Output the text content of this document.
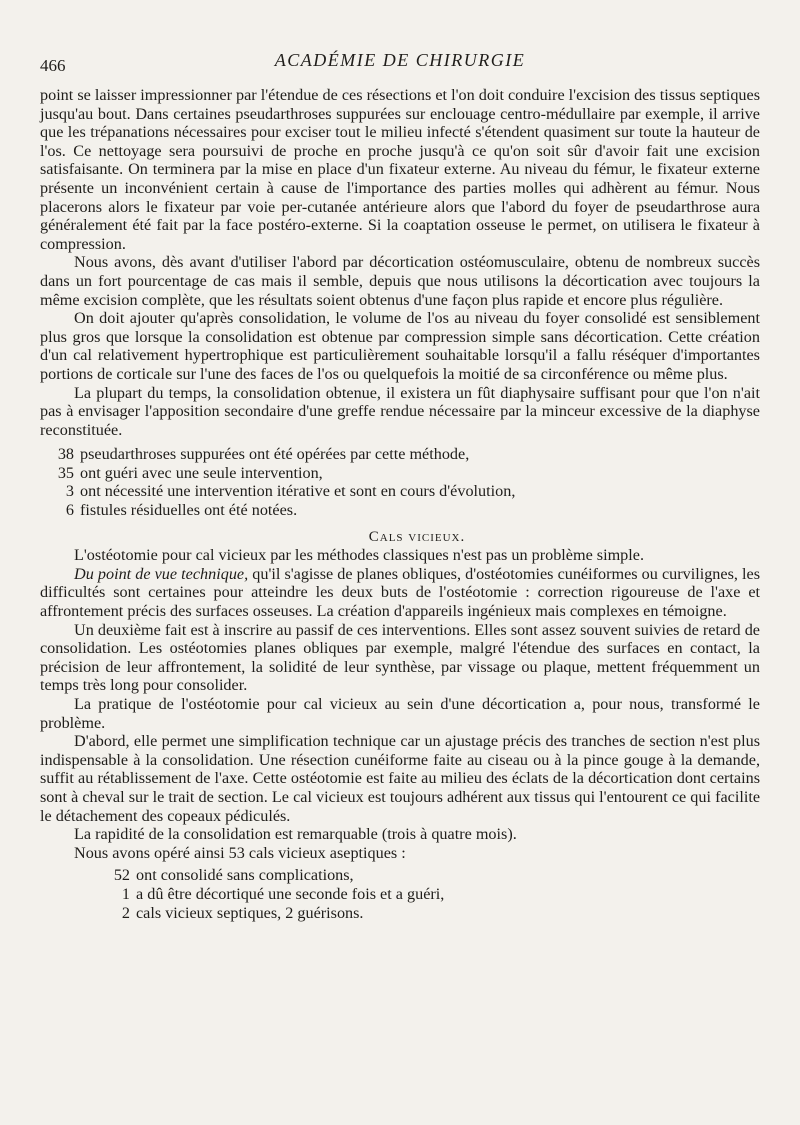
466	ACADÉMIE DE CHIRURGIE

point se laisser impressionner par l'étendue de ces résections et l'on doit conduire l'excision des tissus septiques jusqu'au bout. Dans certaines pseudarthroses suppurées sur enclouage centro-médullaire par exemple, il arrive que les trépanations nécessaires pour exciser tout le milieu infecté s'étendent quasiment sur toute la hauteur de l'os. Ce nettoyage sera poursuivi de proche en proche jusqu'à ce qu'on soit sûr d'avoir fait une excision satisfaisante. On terminera par la mise en place d'un fixateur externe. Au niveau du fémur, le fixateur externe présente un inconvénient certain à cause de l'importance des parties molles qui adhèrent au fémur. Nous placerons alors le fixateur par voie per-cutanée antérieure alors que l'abord du foyer de pseudarthrose aura généralement été fait par la face postéro-externe. Si la coaptation osseuse le permet, on utilisera le fixateur à compression.

Nous avons, dès avant d'utiliser l'abord par décortication ostéomusculaire, obtenu de nombreux succès dans un fort pourcentage de cas mais il semble, depuis que nous utilisons la décortication avec toujours la même excision complète, que les résultats soient obtenus d'une façon plus rapide et encore plus régulière.

On doit ajouter qu'après consolidation, le volume de l'os au niveau du foyer consolidé est sensiblement plus gros que lorsque la consolidation est obtenue par compression simple sans décortication. Cette création d'un cal relativement hypertrophique est particulièrement souhaitable lorsqu'il a fallu réséquer d'importantes portions de corticale sur l'une des faces de l'os ou quelquefois la moitié de sa circonférence ou même plus.

La plupart du temps, la consolidation obtenue, il existera un fût diaphysaire suffisant pour que l'on n'ait pas à envisager l'apposition secondaire d'une greffe rendue nécessaire par la minceur excessive de la diaphyse reconstituée.

38 pseudarthroses suppurées ont été opérées par cette méthode,

35 ont guéri avec une seule intervention,

3 ont nécessité une intervention itérative et sont en cours d'évolution,

6 fistules résiduelles ont été notées.

Cals vicieux.

L'ostéotomie pour cal vicieux par les méthodes classiques n'est pas un problème simple.

Du point de vue technique, qu'il s'agisse de planes obliques, d'ostéotomies cunéiformes ou curvilignes, les difficultés sont certaines pour atteindre les deux buts de l'ostéotomie : correction rigoureuse de l'axe et affrontement précis des surfaces osseuses. La création d'appareils ingénieux mais complexes en témoigne.

Un deuxième fait est à inscrire au passif de ces interventions. Elles sont assez souvent suivies de retard de consolidation. Les ostéotomies planes obliques par exemple, malgré l'étendue des surfaces en contact, la précision de leur affrontement, la solidité de leur synthèse, par vissage ou plaque, mettent fréquemment un temps très long pour consolider.

La pratique de l'ostéotomie pour cal vicieux au sein d'une décortication a, pour nous, transformé le problème.

D'abord, elle permet une simplification technique car un ajustage précis des tranches de section n'est plus indispensable à la consolidation. Une résection cunéiforme faite au ciseau ou à la pince gouge à la demande, suffit au rétablissement de l'axe. Cette ostéotomie est faite au milieu des éclats de la décortication dont certains sont à cheval sur le trait de section. Le cal vicieux est toujours adhérent aux tissus qui l'entourent ce qui facilite le détachement des copeaux pédiculés.

La rapidité de la consolidation est remarquable (trois à quatre mois).

Nous avons opéré ainsi 53 cals vicieux aseptiques :

52 ont consolidé sans complications,

1 a dû être décortiqué une seconde fois et a guéri,

2 cals vicieux septiques, 2 guérisons.
